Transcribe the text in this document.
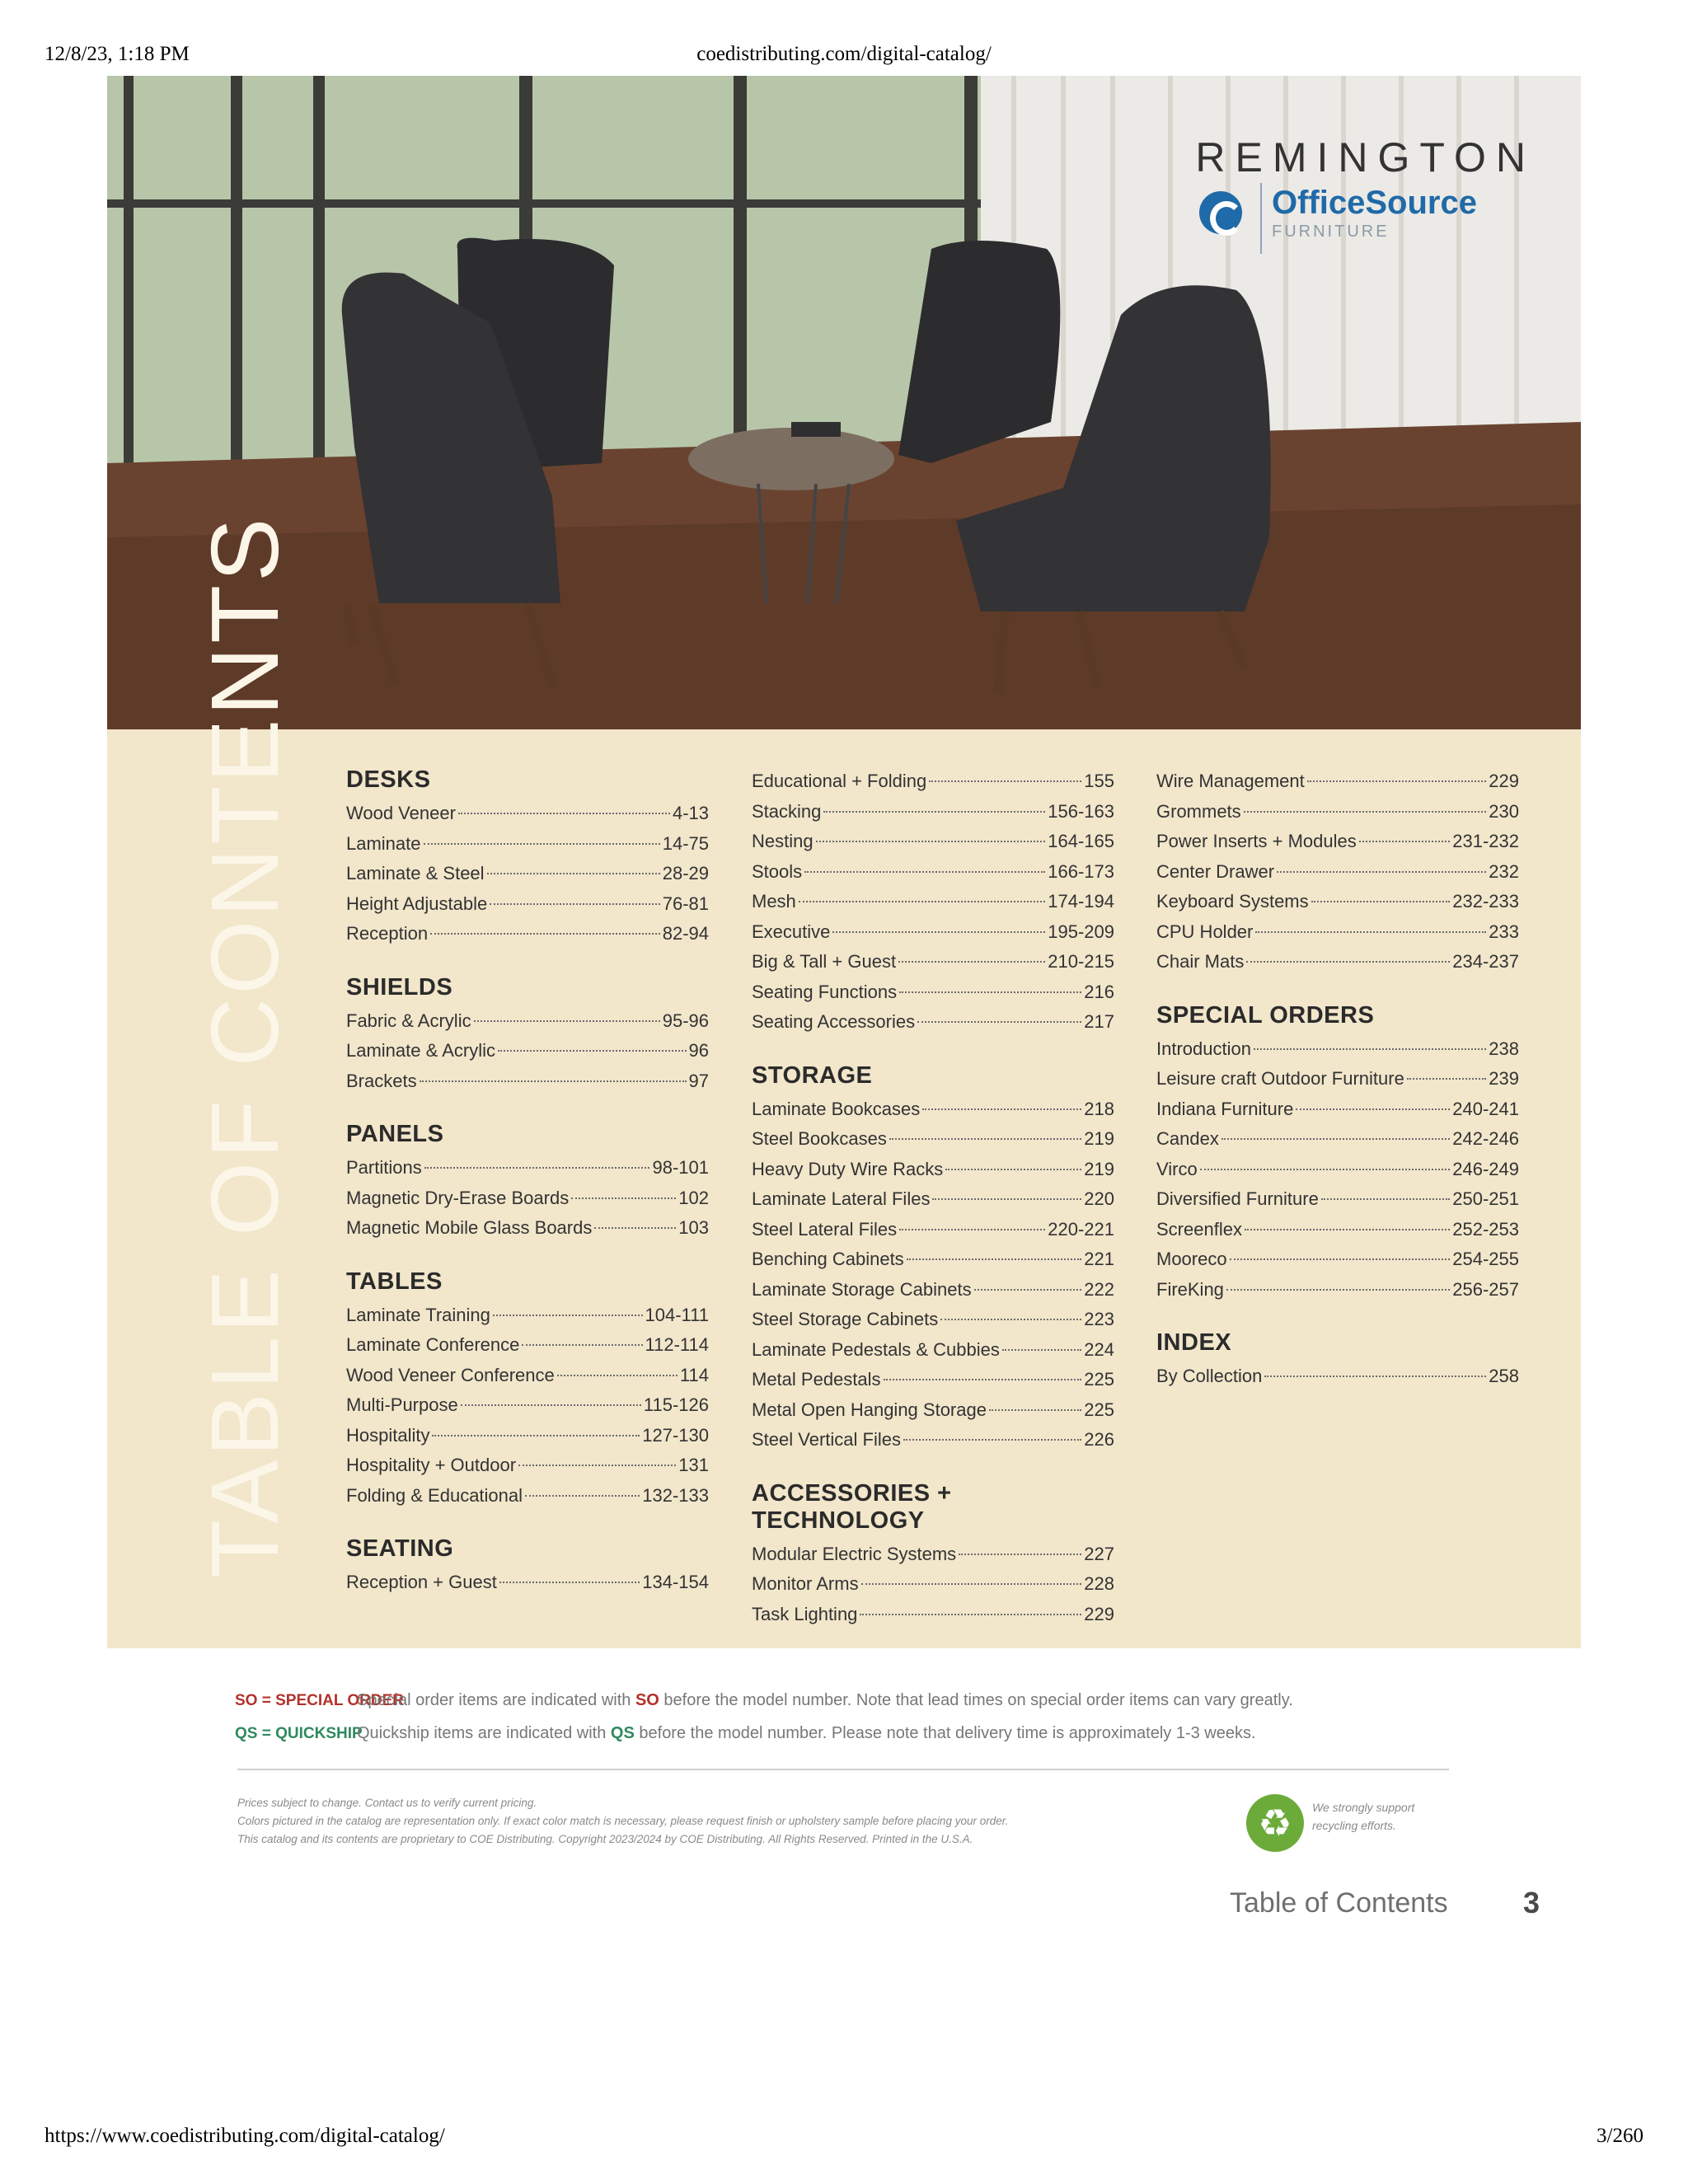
12/8/23, 1:18 PM	coedistributing.com/digital-catalog/
REMINGTON
OfficeSource
FURNITURE
TABLE OF CONTENTS DESKS
Wood Veneer	4-13
Laminate	14-75
Laminate & Steel	28-29
Height Adjustable	76-81
Reception	82-94
SHIELDS
Fabric & Acrylic	95-96
Laminate & Acrylic	96
Brackets	97
PANELS
Partitions	98-101
Magnetic Dry-Erase Boards	102
Magnetic Mobile Glass Boards	103
TABLES
Laminate Training	104-111
Laminate Conference	112-114
Wood Veneer Conference	114
Multi-Purpose	115-126
Hospitality	127-130
Hospitality + Outdoor	131
Folding & Educational	132-133
SEATING
Reception + Guest	134-154
Educational + Folding	155
Stacking	156-163
Nesting	164-165
Stools	166-173
Mesh	174-194
Executive	195-209
Big & Tall + Guest	210-215
Seating Functions	216
Seating Accessories	217
STORAGE
Laminate Bookcases	218
Steel Bookcases	219
Heavy Duty Wire Racks	219
Laminate Lateral Files	220
Steel Lateral Files	220-221
Benching Cabinets	221
Laminate Storage Cabinets	222
Steel Storage Cabinets	223
Laminate Pedestals & Cubbies	224
Metal Pedestals	225
Metal Open Hanging Storage	225
Steel Vertical Files	226
ACCESSORIES + TECHNOLOGY
Modular Electric Systems	227
Monitor Arms	228
Task Lighting	229
Wire Management	229
Grommets	230
Power Inserts + Modules	231-232
Center Drawer	232
Keyboard Systems	232-233
CPU Holder	233
Chair Mats	234-237
SPECIAL ORDERS
Introduction	238
Leisure craft Outdoor Furniture	239
Indiana Furniture	240-241
Candex	242-246
Virco	246-249
Diversified Furniture	250-251
Screenflex	252-253
Mooreco	254-255
FireKing	256-257
INDEX
By Collection	258
SO = SPECIAL ORDER
Special order items are indicated with SO before the model number. Note that lead times on special order items can vary greatly.
QS = QUICKSHIP
Quickship items are indicated with QS before the model number. Please note that delivery time is approximately 1-3 weeks.
Prices subject to change. Contact us to verify current pricing.
Colors pictured in the catalog are representation only. If exact color match is necessary, please request finish or upholstery sample before placing your order.
This catalog and its contents are proprietary to COE Distributing. Copyright 2023/2024 by COE Distributing. All Rights Reserved. Printed in the U.S.A.
♻
We strongly support recycling efforts.
Table of Contents	3
https://www.coedistributing.com/digital-catalog/	3/260
